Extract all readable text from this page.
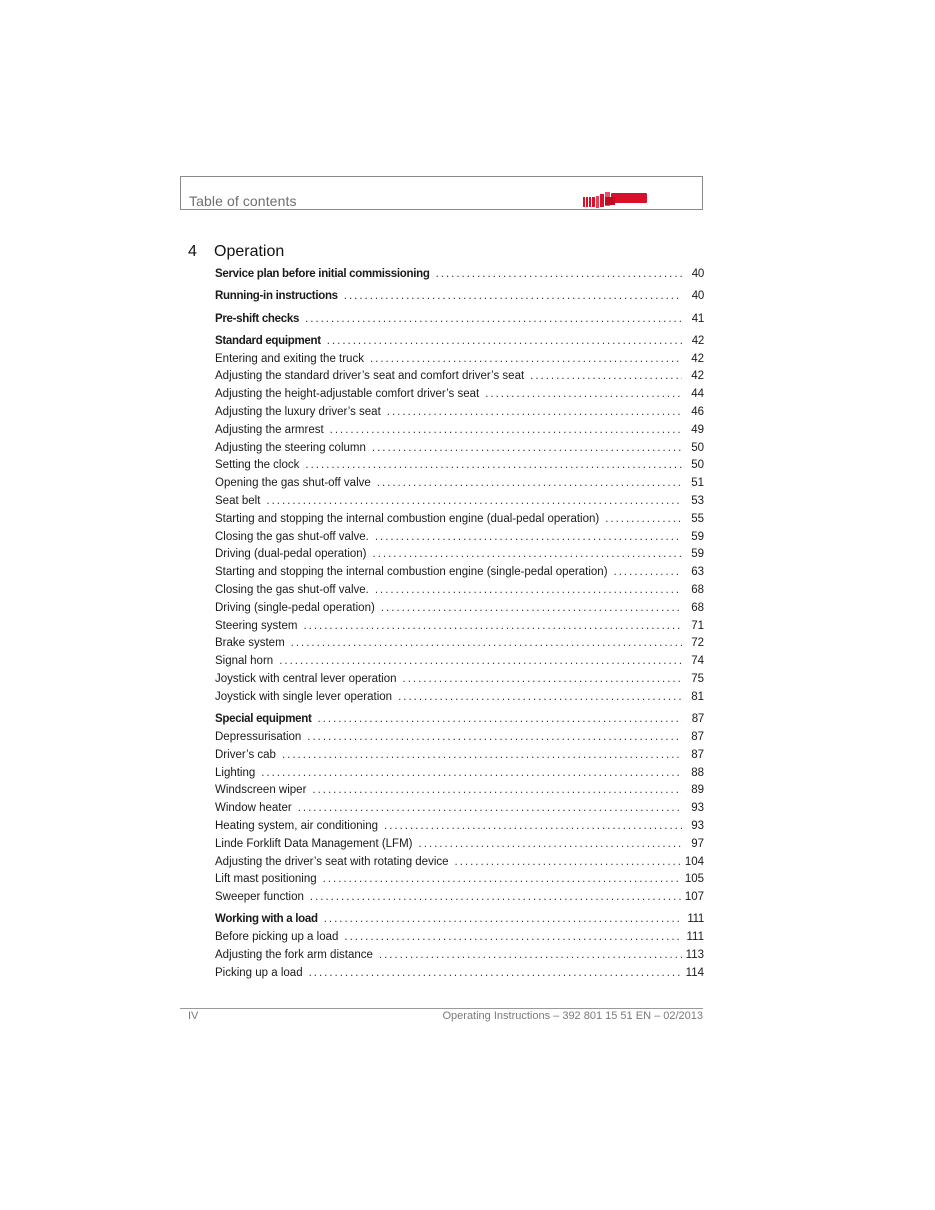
Table of contents
4 Operation
Service plan before initial commissioning . . .	40
Running-in instructions . . .	40
Pre-shift checks . . .	41
Standard equipment . . .	42
Entering and exiting the truck . . .	42
Adjusting the standard driver’s seat and comfort driver’s seat . . .	42
Adjusting the height-adjustable comfort driver’s seat . . .	44
Adjusting the luxury driver’s seat . . .	46
Adjusting the armrest . . .	49
Adjusting the steering column . . .	50
Setting the clock . . .	50
Opening the gas shut-off valve . . .	51
Seat belt . . .	53
Starting and stopping the internal combustion engine (dual-pedal operation) . . .	55
Closing the gas shut-off valve. . . .	59
Driving (dual-pedal operation) . . .	59
Starting and stopping the internal combustion engine (single-pedal operation) . . .	63
Closing the gas shut-off valve. . . .	68
Driving (single-pedal operation) . . .	68
Steering system . . .	71
Brake system . . .	72
Signal horn . . .	74
Joystick with central lever operation . . .	75
Joystick with single lever operation . . .	81
Special equipment . . .	87
Depressurisation . . .	87
Driver’s cab . . .	87
Lighting . . .	88
Windscreen wiper . . .	89
Window heater . . .	93
Heating system, air conditioning . . .	93
Linde Forklift Data Management (LFM) . . .	97
Adjusting the driver’s seat with rotating device . . .	104
Lift mast positioning . . .	105
Sweeper function . . .	107
Working with a load . . .	111
Before picking up a load . . .	111
Adjusting the fork arm distance . . .	113
Picking up a load . . .	114
IV	Operating Instructions – 392 801 15 51 EN – 02/2013
